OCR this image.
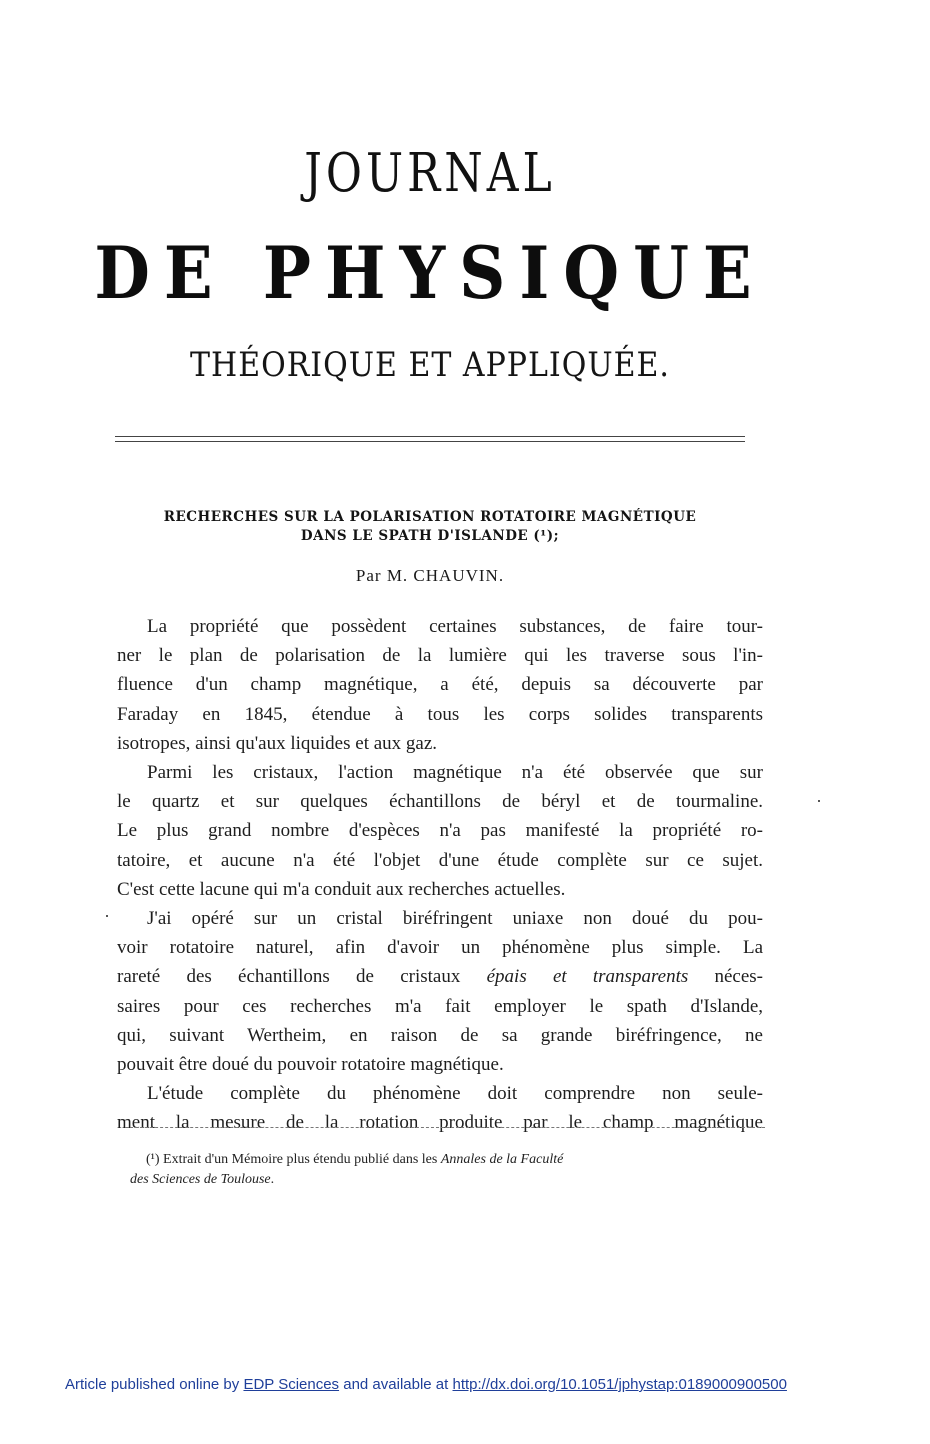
JOURNAL
DE PHYSIQUE
THÉORIQUE ET APPLIQUÉE.
RECHERCHES SUR LA POLARISATION ROTATOIRE MAGNÉTIQUE
DANS LE SPATH D'ISLANDE (¹);
Par M. CHAUVIN.
La propriété que possèdent certaines substances, de faire tour-
ner le plan de polarisation de la lumière qui les traverse sous l'in-
fluence d'un champ magnétique, a été, depuis sa découverte par
Faraday en 1845, étendue à tous les corps solides transparents
isotropes, ainsi qu'aux liquides et aux gaz.
Parmi les cristaux, l'action magnétique n'a été observée que sur
le quartz et sur quelques échantillons de béryl et de tourmaline.
Le plus grand nombre d'espèces n'a pas manifesté la propriété ro-
tatoire, et aucune n'a été l'objet d'une étude complète sur ce sujet.
C'est cette lacune qui m'a conduit aux recherches actuelles.
J'ai opéré sur un cristal biréfringent uniaxe non doué du pou-
voir rotatoire naturel, afin d'avoir un phénomène plus simple. La
rareté des échantillons de cristaux épais et transparents néces-
saires pour ces recherches m'a fait employer le spath d'Islande,
qui, suivant Wertheim, en raison de sa grande biréfringence, ne
pouvait être doué du pouvoir rotatoire magnétique.
L'étude complète du phénomène doit comprendre non seule-
ment la mesure de la rotation produite par le champ magnétique
(¹) Extrait d'un Mémoire plus étendu publié dans les Annales de la Faculté
des Sciences de Toulouse.
Article published online by EDP Sciences and available at http://dx.doi.org/10.1051/jphystap:0189000900500
